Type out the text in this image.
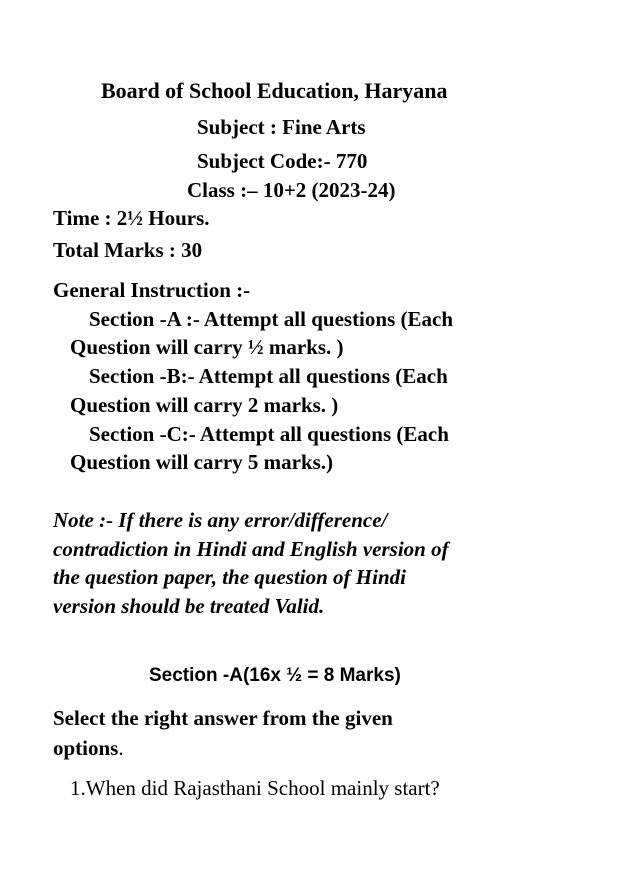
Board of School Education, Haryana
Subject : Fine Arts
Subject Code:- 770
Class :– 10+2 (2023-24)
Time : 2½ Hours.
Total Marks : 30
General Instruction :-
Section -A :- Attempt all questions (Each
Question will carry ½ marks. )
Section -B:- Attempt all questions (Each
Question will carry 2 marks. )
Section -C:- Attempt all questions (Each
Question will carry 5 marks.)
Note :- If there is any error/difference/
contradiction in Hindi and English version of
the question paper, the question of Hindi
version should be treated Valid.
Section -A(16x ½ = 8 Marks)
Select the right answer from the given
options.
1.When did Rajasthani School mainly start?
